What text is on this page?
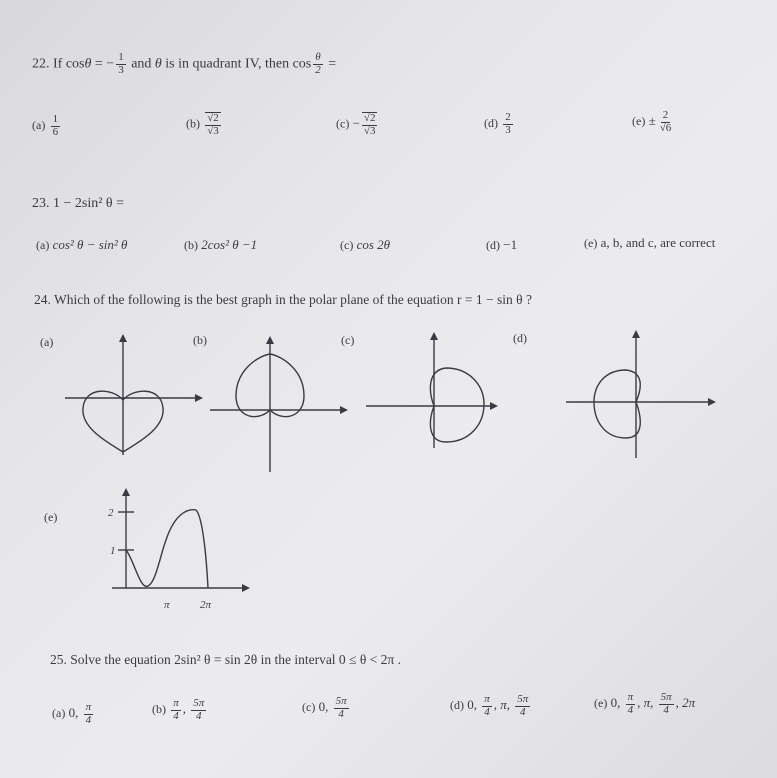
22. If cosθ = − $\frac{1}{3}$ and θ is in quadrant IV, then $\cos \frac{\theta}{2}$ =
$(a) \frac{1}{6}$	$(b) \frac{√2}{√3}$	$(c) - \frac{√2}{√3}$	$(d) \frac{2}{3}$	$(e) \pm \frac{2}{√6}$
23. 1 − 2sin² θ =
(a) cos² θ − sin² θ	(b) 2cos² θ −1	(c) cos 2θ	(d) −1	(e) a, b, and c, are correct
24. Which of the following is the best graph in the polar plane of the equation r = 1 − sin θ ?
(a)	(b)	(c)	(d)
(e)	2
1
π	2π
25. Solve the equation 2sin² θ = sin 2θ in the interval 0 ≤ θ < 2π .
(a) 0, $\frac{\pi}{4}$	$(b) \frac{\pi}{4}$ , $\frac{5\pi}{4}$	(c) 0, $\frac{5\pi}{4}$	(d) 0, $\frac{\pi}{4}$ , π, $\frac{5\pi}{4}$	(e) 0, $\frac{\pi}{4}$ , π, $\frac{5\pi}{4}$ , 2π
